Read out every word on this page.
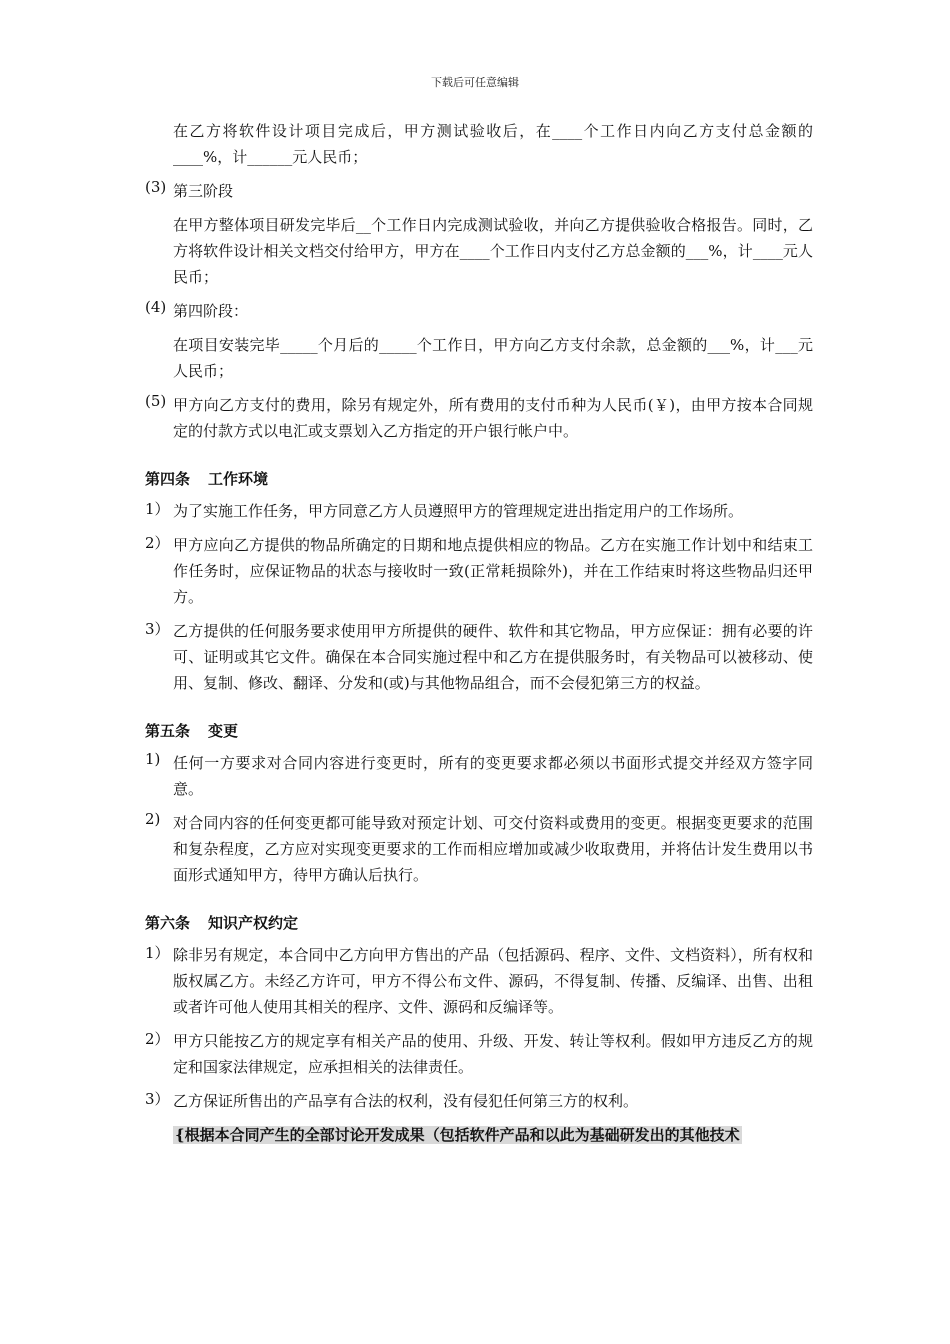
下载后可任意编辑

在乙方将软件设计项目完成后，甲方测试验收后，在____个工作日内向乙方支付总金额的____%，计______元人民币；

(3) 第三阶段

在甲方整体项目研发完毕后__个工作日内完成测试验收，并向乙方提供验收合格报告。同时，乙方将软件设计相关文档交付给甲方，甲方在____个工作日内支付乙方总金额的___%，计____元人民币；

(4) 第四阶段：

在项目安装完毕_____个月后的_____个工作日，甲方向乙方支付余款，总金额的___%，计___元人民币；

(5) 甲方向乙方支付的费用，除另有规定外，所有费用的支付币种为人民币(￥)，由甲方按本合同规定的付款方式以电汇或支票划入乙方指定的开户银行帐户中。
第四条 工作环境
1） 为了实施工作任务，甲方同意乙方人员遵照甲方的管理规定进出指定用户的工作场所。
2） 甲方应向乙方提供的物品所确定的日期和地点提供相应的物品。乙方在实施工作计划中和结束工作任务时，应保证物品的状态与接收时一致(正常耗损除外)，并在工作结束时将这些物品归还甲方。
3） 乙方提供的任何服务要求使用甲方所提供的硬件、软件和其它物品，甲方应保证：拥有必要的许可、证明或其它文件。确保在本合同实施过程中和乙方在提供服务时，有关物品可以被移动、使用、复制、修改、翻译、分发和(或)与其他物品组合，而不会侵犯第三方的权益。
第五条 变更
1) 任何一方要求对合同内容进行变更时，所有的变更要求都必须以书面形式提交并经双方签字同意。
2) 对合同内容的任何变更都可能导致对预定计划、可交付资料或费用的变更。根据变更要求的范围和复杂程度，乙方应对实现变更要求的工作而相应增加或减少收取费用，并将估计发生费用以书面形式通知甲方，待甲方确认后执行。
第六条 知识产权约定
1） 除非另有规定，本合同中乙方向甲方售出的产品（包括源码、程序、文件、文档资料），所有权和版权属乙方。未经乙方许可，甲方不得公布文件、源码，不得复制、传播、反编译、出售、出租或者许可他人使用其相关的程序、文件、源码和反编译等。
2） 甲方只能按乙方的规定享有相关产品的使用、升级、开发、转让等权利。假如甲方违反乙方的规定和国家法律规定，应承担相关的法律责任。
3） 乙方保证所售出的产品享有合法的权利，没有侵犯任何第三方的权利。

{根据本合同产生的全部讨论开发成果（包括软件产品和以此为基础研发出的其他技术
